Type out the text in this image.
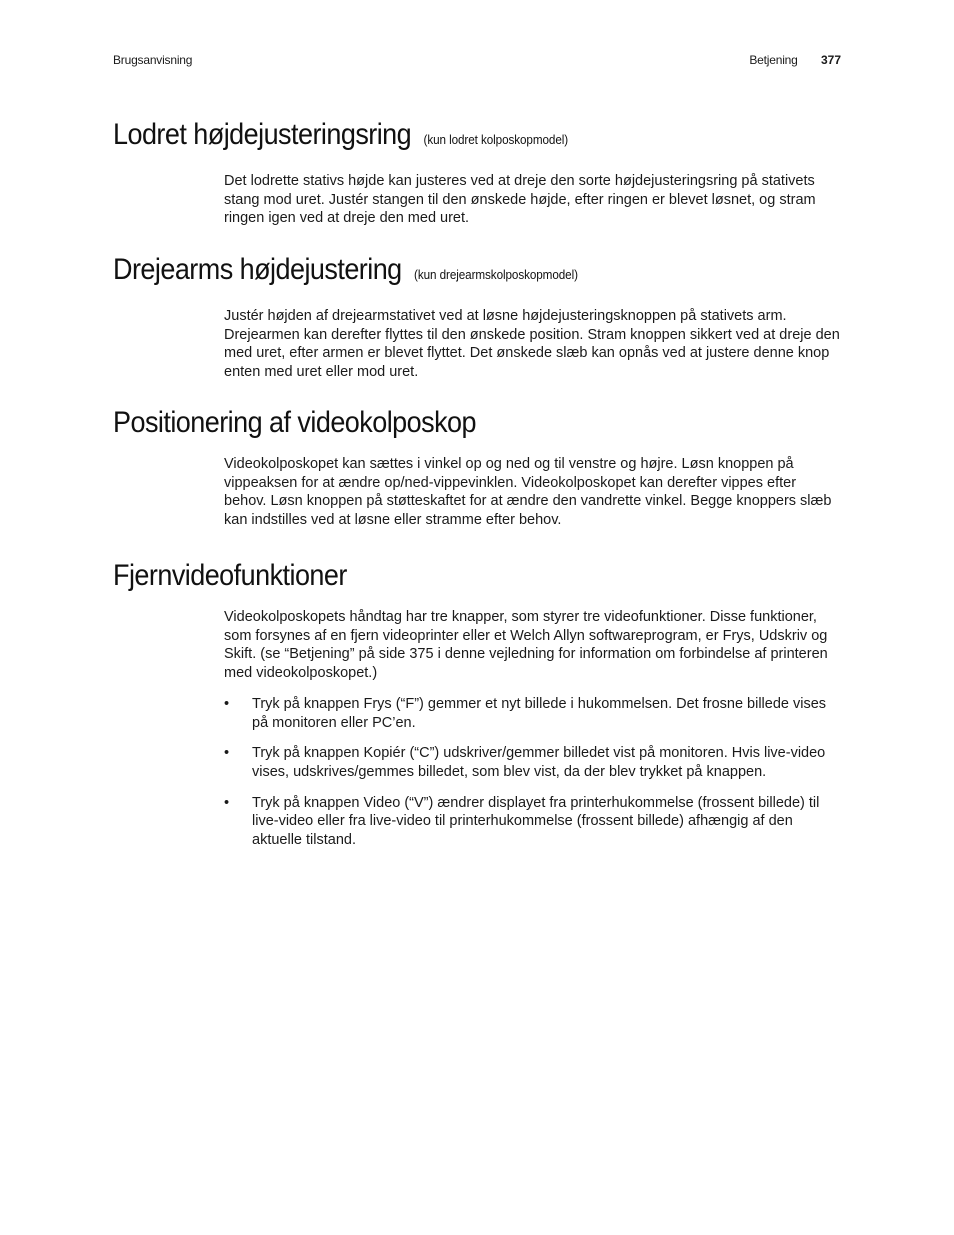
Brugsanvisning	Betjening 377
Lodret højdejusteringsring (kun lodret kolposkopmodel)

Det lodrette stativs højde kan justeres ved at dreje den sorte højdejusteringsring på stativets stang mod uret. Justér stangen til den ønskede højde, efter ringen er blevet løsnet, og stram ringen igen ved at dreje den med uret.

Drejearms højdejustering (kun drejearmskolposkopmodel)

Justér højden af drejearmstativet ved at løsne højdejusteringsknoppen på stativets arm. Drejearmen kan derefter flyttes til den ønskede position. Stram knoppen sikkert ved at dreje den med uret, efter armen er blevet flyttet. Det ønskede slæb kan opnås ved at justere denne knop enten med uret eller mod uret.

Positionering af videokolposkop

Videokolposkopet kan sættes i vinkel op og ned og til venstre og højre. Løsn knoppen på vippeaksen for at ændre op/ned-vippevinklen. Videokolposkopet kan derefter vippes efter behov. Løsn knoppen på støtteskaftet for at ændre den vandrette vinkel. Begge knoppers slæb kan indstilles ved at løsne eller stramme efter behov.

Fjernvideofunktioner

Videokolposkopets håndtag har tre knapper, som styrer tre videofunktioner. Disse funktioner, som forsynes af en fjern videoprinter eller et Welch Allyn softwareprogram, er Frys, Udskriv og Skift. (se “Betjening” på side 375 i denne vejledning for information om forbindelse af printeren med videokolposkopet.)

• Tryk på knappen Frys (“F”) gemmer et nyt billede i hukommelsen. Det frosne billede vises på monitoren eller PC’en.
• Tryk på knappen Kopiér (“C”) udskriver/gemmer billedet vist på monitoren. Hvis live-video vises, udskrives/gemmes billedet, som blev vist, da der blev trykket på knappen.
• Tryk på knappen Video (“V”) ændrer displayet fra printerhukommelse (frossent billede) til live-video eller fra live-video til printerhukommelse (frossent billede) afhængig af den aktuelle tilstand.
